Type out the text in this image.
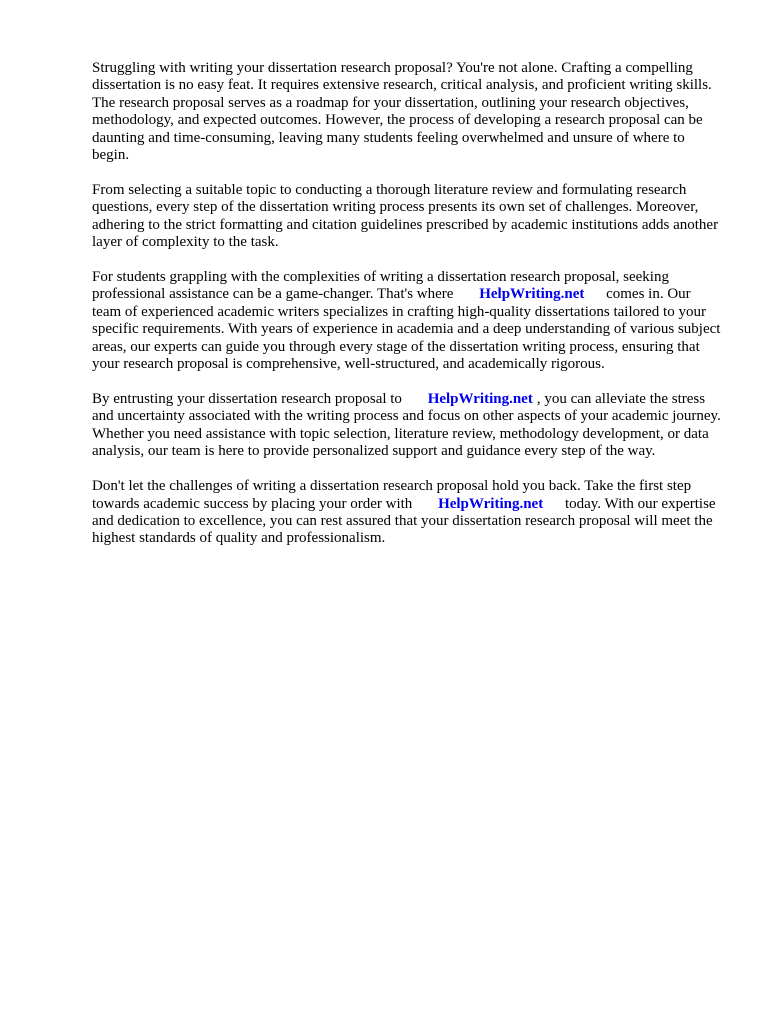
Struggling with writing your dissertation research proposal? You're not alone. Crafting a compelling dissertation is no easy feat. It requires extensive research, critical analysis, and proficient writing skills. The research proposal serves as a roadmap for your dissertation, outlining your research objectives, methodology, and expected outcomes. However, the process of developing a research proposal can be daunting and time-consuming, leaving many students feeling overwhelmed and unsure of where to begin.

From selecting a suitable topic to conducting a thorough literature review and formulating research questions, every step of the dissertation writing process presents its own set of challenges. Moreover, adhering to the strict formatting and citation guidelines prescribed by academic institutions adds another layer of complexity to the task.

For students grappling with the complexities of writing a dissertation research proposal, seeking professional assistance can be a game-changer. That's where HelpWriting.net comes in. Our team of experienced academic writers specializes in crafting high-quality dissertations tailored to your specific requirements. With years of experience in academia and a deep understanding of various subject areas, our experts can guide you through every stage of the dissertation writing process, ensuring that your research proposal is comprehensive, well-structured, and academically rigorous.

By entrusting your dissertation research proposal to HelpWriting.net , you can alleviate the stress and uncertainty associated with the writing process and focus on other aspects of your academic journey. Whether you need assistance with topic selection, literature review, methodology development, or data analysis, our team is here to provide personalized support and guidance every step of the way.

Don't let the challenges of writing a dissertation research proposal hold you back. Take the first step towards academic success by placing your order with HelpWriting.net today. With our expertise and dedication to excellence, you can rest assured that your dissertation research proposal will meet the highest standards of quality and professionalism.
